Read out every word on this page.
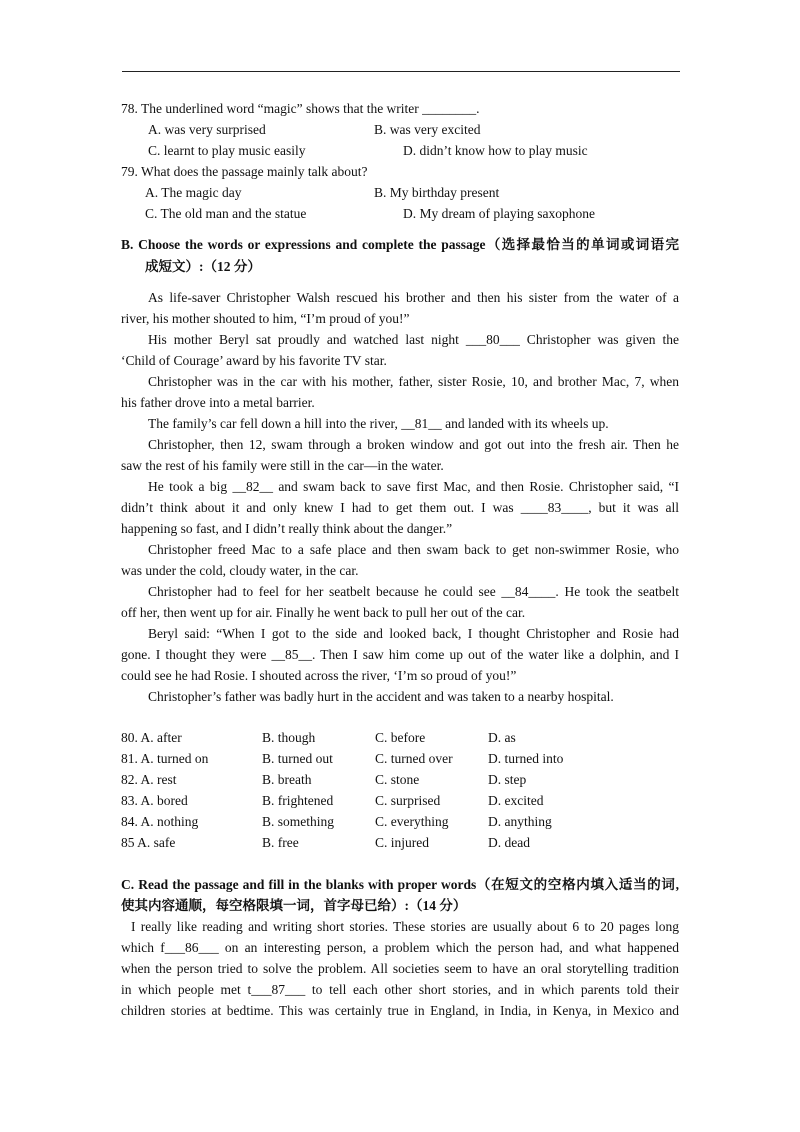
78. The underlined word “magic” shows that the writer ________.
A. was very surprised	B. was very excited
C. learnt to play music easily	D. didn’t know how to play music
79. What does the passage mainly talk about?
A. The magic day	B. My birthday present
C. The old man and the statue	D. My dream of playing saxophone
B. Choose the words or expressions and complete the passage（选择最恰当的单词或词语完
成短文）:（12 分）
As life-saver Christopher Walsh rescued his brother and then his sister from the water of a
river, his mother shouted to him, “I’m proud of you!”
His mother Beryl sat proudly and watched last night ___80___ Christopher was given the
‘Child of Courage’ award by his favorite TV star.
Christopher was in the car with his mother, father, sister Rosie, 10, and brother Mac, 7, when
his father drove into a metal barrier.
The family’s car fell down a hill into the river, __81__ and landed with its wheels up.
Christopher, then 12, swam through a broken window and got out into the fresh air. Then he
saw the rest of his family were still in the car—in the water.
He took a big __82__ and swam back to save first Mac, and then Rosie. Christopher said, “I
didn’t think about it and only knew I had to get them out. I was ____83____, but it was all
happening so fast, and I didn’t really think about the danger.”
Christopher freed Mac to a safe place and then swam back to get non-swimmer Rosie, who
was under the cold, cloudy water, in the car.
Christopher had to feel for her seatbelt because he could see __84____. He took the seatbelt
off her, then went up for air. Finally he went back to pull her out of the car.
Beryl said: “When I got to the side and looked back, I thought Christopher and Rosie had
gone. I thought they were __85__. Then I saw him come up out of the water like a dolphin, and I
could see he had Rosie. I shouted across the river, ‘I’m so proud of you!”
Christopher’s father was badly hurt in the accident and was taken to a nearby hospital.
80. A. after	B. though	C. before	D. as
81. A. turned on	B. turned out	C. turned over	D. turned into
82. A. rest	B. breath	C. stone	D. step
83. A. bored	B. frightened	C. surprised	D. excited
84. A. nothing	B. something	C. everything	D. anything
85 A. safe	B. free	C. injured	D. dead
C. Read the passage and fill in the blanks with proper words（在短文的空格内填入适当的词,
使其内容通顺，每空格限填一词，首字母已给）:（14 分）
I really like reading and writing short stories. These stories are usually about 6 to 20 pages long
which f___86___ on an interesting person, a problem which the person had, and what happened
when the person tried to solve the problem. All societies seem to have an oral storytelling tradition
in which people met t___87___ to tell each other short stories, and in which parents told their
children stories at bedtime. This was certainly true in England, in India, in Kenya, in Mexico and
